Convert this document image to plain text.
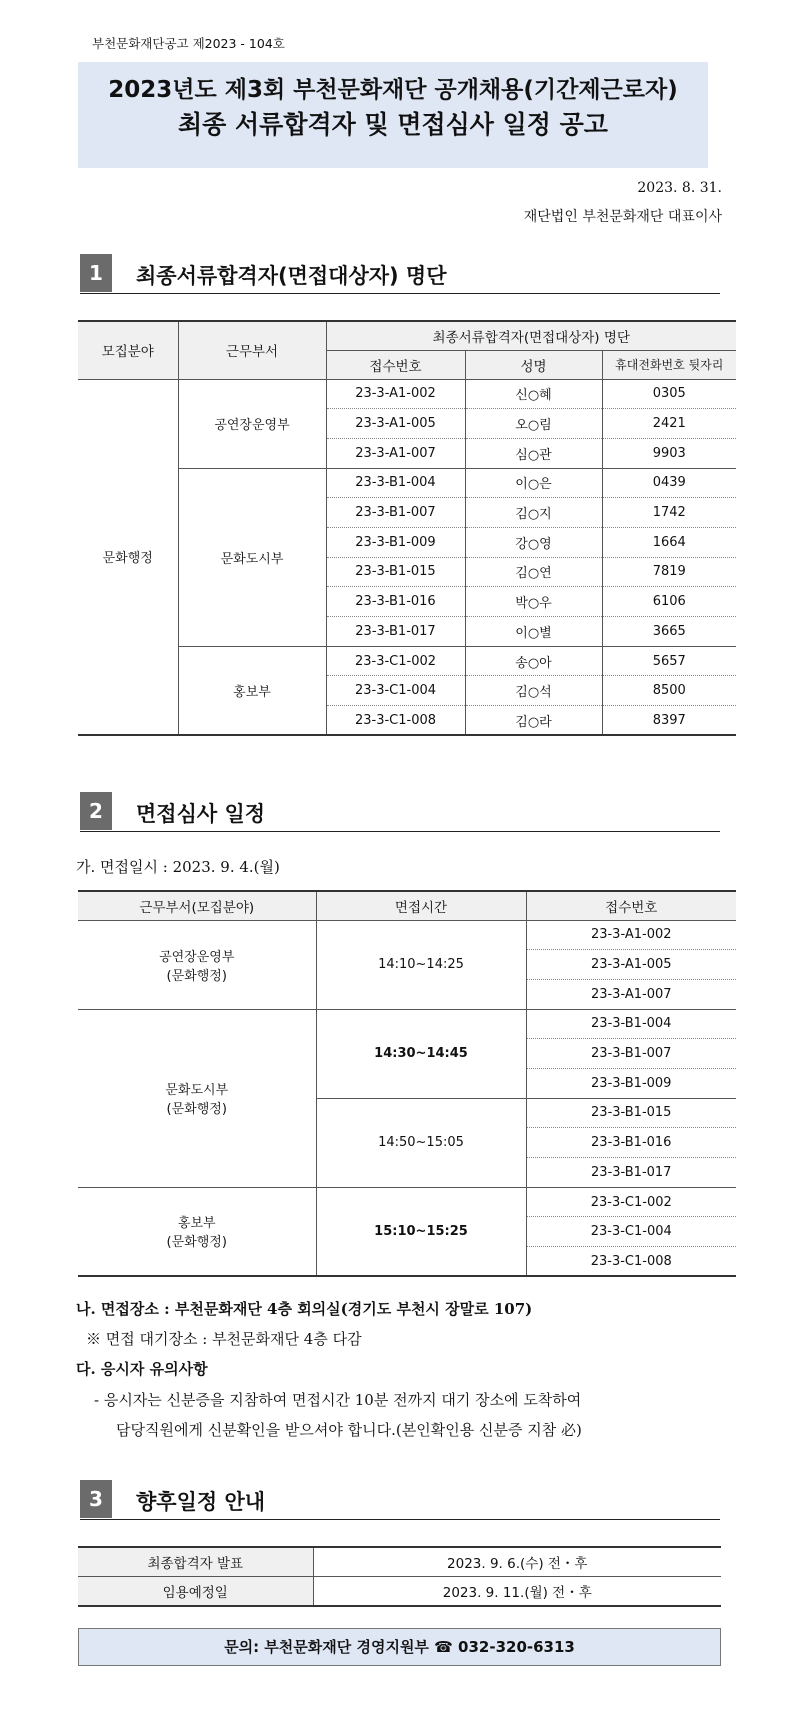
부천문화재단공고 제2023 - 104호
2023년도 제3회 부천문화재단 공개채용(기간제근로자)
최종 서류합격자 및 면접심사 일정 공고
2023. 8. 31.
재단법인 부천문화재단 대표이사
1	최종서류합격자(면접대상자) 명단
모집분야	근무부서	최종서류합격자(면접대상자) 명단		
		접수번호	성명	휴대전화번호 뒷자리
문화행정	공연장운영부	23-3-A1-002	신○혜	0305
		23-3-A1-005	오○림	2421
		23-3-A1-007	심○관	9903
	문화도시부	23-3-B1-004	이○은	0439
		23-3-B1-007	김○지	1742
		23-3-B1-009	강○영	1664
		23-3-B1-015	김○연	7819
		23-3-B1-016	박○우	6106
		23-3-B1-017	이○별	3665
	홍보부	23-3-C1-002	송○아	5657
		23-3-C1-004	김○석	8500
		23-3-C1-008	김○라	8397
2	면접심사 일정
가. 면접일시 : 2023. 9. 4.(월)
근무부서(모집분야)	면접시간	접수번호
공연장운영부
(문화행정)	14:10~14:25	23-3-A1-002
		23-3-A1-005
		23-3-A1-007
문화도시부
(문화행정)	14:30~14:45	23-3-B1-004
		23-3-B1-007
		23-3-B1-009
	14:50~15:05	23-3-B1-015
		23-3-B1-016
		23-3-B1-017
홍보부
(문화행정)	15:10~15:25	23-3-C1-002
		23-3-C1-004
		23-3-C1-008
나. 면접장소 : 부천문화재단 4층 회의실(경기도 부천시 장말로 107)
※ 면접 대기장소 : 부천문화재단 4층 다감
다. 응시자 유의사항
- 응시자는 신분증을 지참하여 면접시간 10분 전까지 대기 장소에 도착하여
담당직원에게 신분확인을 받으셔야 합니다.(본인확인용 신분증 지참 必)
3	향후일정 안내
최종합격자 발표	2023. 9. 6.(수) 전・후
임용예정일	2023. 9. 11.(월) 전・후
문의: 부천문화재단 경영지원부 ☎ 032-320-6313
